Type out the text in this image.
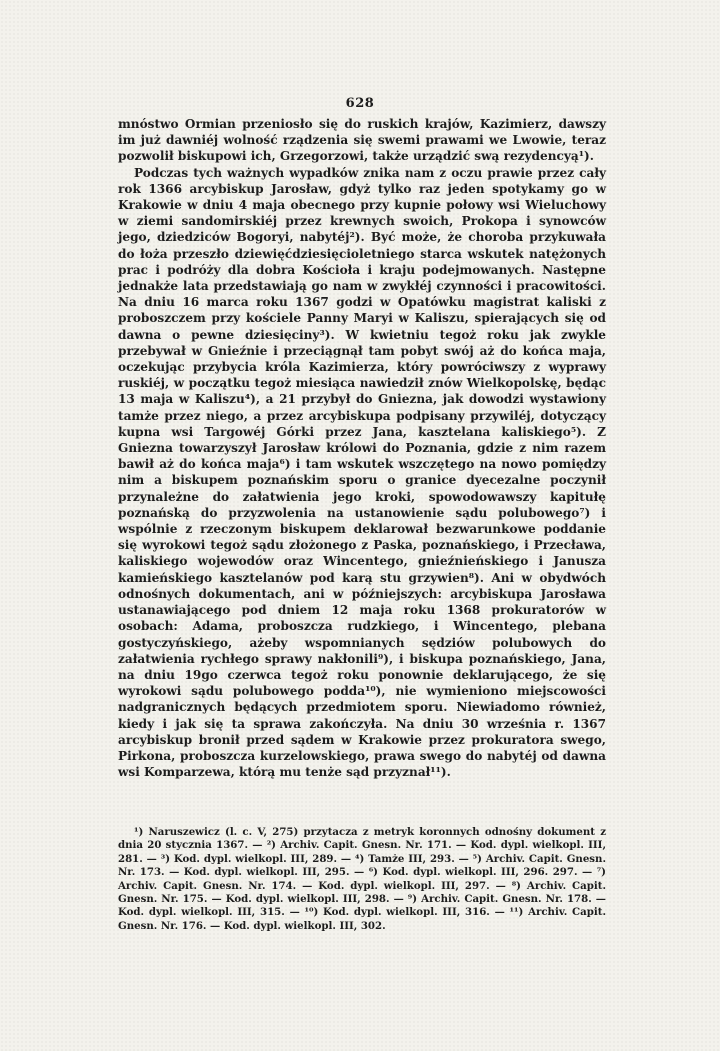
628

mnóstwo Ormian przeniosło się do ruskich krajów, Kazimierz, dawszy im już dawniéj wolność rządzenia się swemi prawami we Lwowie, teraz pozwolił biskupowi ich, Grzegorzowi, także urządzić swą rezydencyą¹).

Podczas tych ważnych wypadków znika nam z oczu prawie przez cały rok 1366 arcybiskup Jarosław, gdyż tylko raz jeden spotykamy go w Krakowie w dniu 4 maja obecnego przy kupnie połowy wsi Wieluchowy w ziemi sandomirskiéj przez krewnych swoich, Prokopa i synowców jego, dziedziców Bogoryi, nabytéj²). Być może, że choroba przykuwała do łoża przeszło dziewięćdziesięcioletniego starca wskutek natężonych prac i podróży dla dobra Kościoła i kraju podejmowanych. Następne jednakże lata przedstawiają go nam w zwykłéj czynności i pracowitości. Na dniu 16 marca roku 1367 godzi w Opatówku magistrat kaliski z proboszczem przy kościele Panny Maryi w Kaliszu, spierających się od dawna o pewne dziesięciny³). W kwietniu tegoż roku jak zwykle przebywał w Gnieźnie i przeciągnął tam pobyt swój aż do końca maja, oczekując przybycia króla Kazimierza, który powróciwszy z wyprawy ruskiéj, w początku tegoż miesiąca nawiedził znów Wielkopolskę, będąc 13 maja w Kaliszu⁴), a 21 przybył do Gniezna, jak dowodzi wystawiony tamże przez niego, a przez arcybiskupa podpisany przywiléj, dotyczący kupna wsi Targowéj Górki przez Jana, kasztelana kaliskiego⁵). Z Gniezna towarzyszył Jarosław królowi do Poznania, gdzie z nim razem bawił aż do końca maja⁶) i tam wskutek wszczętego na nowo pomiędzy nim a biskupem poznańskim sporu o granice dyecezalne poczynił przynależne do załatwienia jego kroki, spowodowawszy kapitułę poznańską do przyzwolenia na ustanowienie sądu polubowego⁷) i wspólnie z rzeczonym biskupem deklarował bezwarunkowe poddanie się wyrokowi tegoż sądu złożonego z Paska, poznańskiego, i Przecława, kaliskiego wojewodów oraz Wincentego, gnieźnieńskiego i Janusza kamieńskiego kasztelanów pod karą stu grzywien⁸). Ani w obydwóch odnośnych dokumentach, ani w późniejszych: arcybiskupa Jarosława ustanawiającego pod dniem 12 maja roku 1368 prokuratorów w osobach: Adama, proboszcza rudzkiego, i Wincentego, plebana gostyczyńskiego, ażeby wspomnianych sędziów polubowych do załatwienia rychłego sprawy nakłonili⁹), i biskupa poznańskiego, Jana, na dniu 19go czerwca tegoż roku ponownie deklarującego, że się wyrokowi sądu polubowego podda¹⁰), nie wymieniono miejscowości nadgranicznych będących przedmiotem sporu. Niewiadomo również, kiedy i jak się ta sprawa zakończyła. Na dniu 30 września r. 1367 arcybiskup bronił przed sądem w Krakowie przez prokuratora swego, Pirkona, proboszcza kurzelowskiego, prawa swego do nabytéj od dawna wsi Komparzewa, którą mu tenże sąd przyznał¹¹).

¹) Naruszewicz (l. c. V, 275) przytacza z metryk koronnych odnośny dokument z dnia 20 stycznia 1367. — ²) Archiv. Capit. Gnesn. Nr. 171. — Kod. dypl. wielkopl. III, 281. — ³) Kod. dypl. wielkopl. III, 289. — ⁴) Tamże III, 293. — ⁵) Archiv. Capit. Gnesn. Nr. 173. — Kod. dypl. wielkopl. III, 295. — ⁶) Kod. dypl. wielkopl. III, 296. 297. — ⁷) Archiv. Capit. Gnesn. Nr. 174. — Kod. dypl. wielkopl. III, 297. — ⁸) Archiv. Capit. Gnesn. Nr. 175. — Kod. dypl. wielkopl. III, 298. — ⁹) Archiv. Capit. Gnesn. Nr. 178. — Kod. dypl. wielkopl. III, 315. — ¹⁰) Kod. dypl. wielkopl. III, 316. — ¹¹) Archiv. Capit. Gnesn. Nr. 176. — Kod. dypl. wielkopl. III, 302.
